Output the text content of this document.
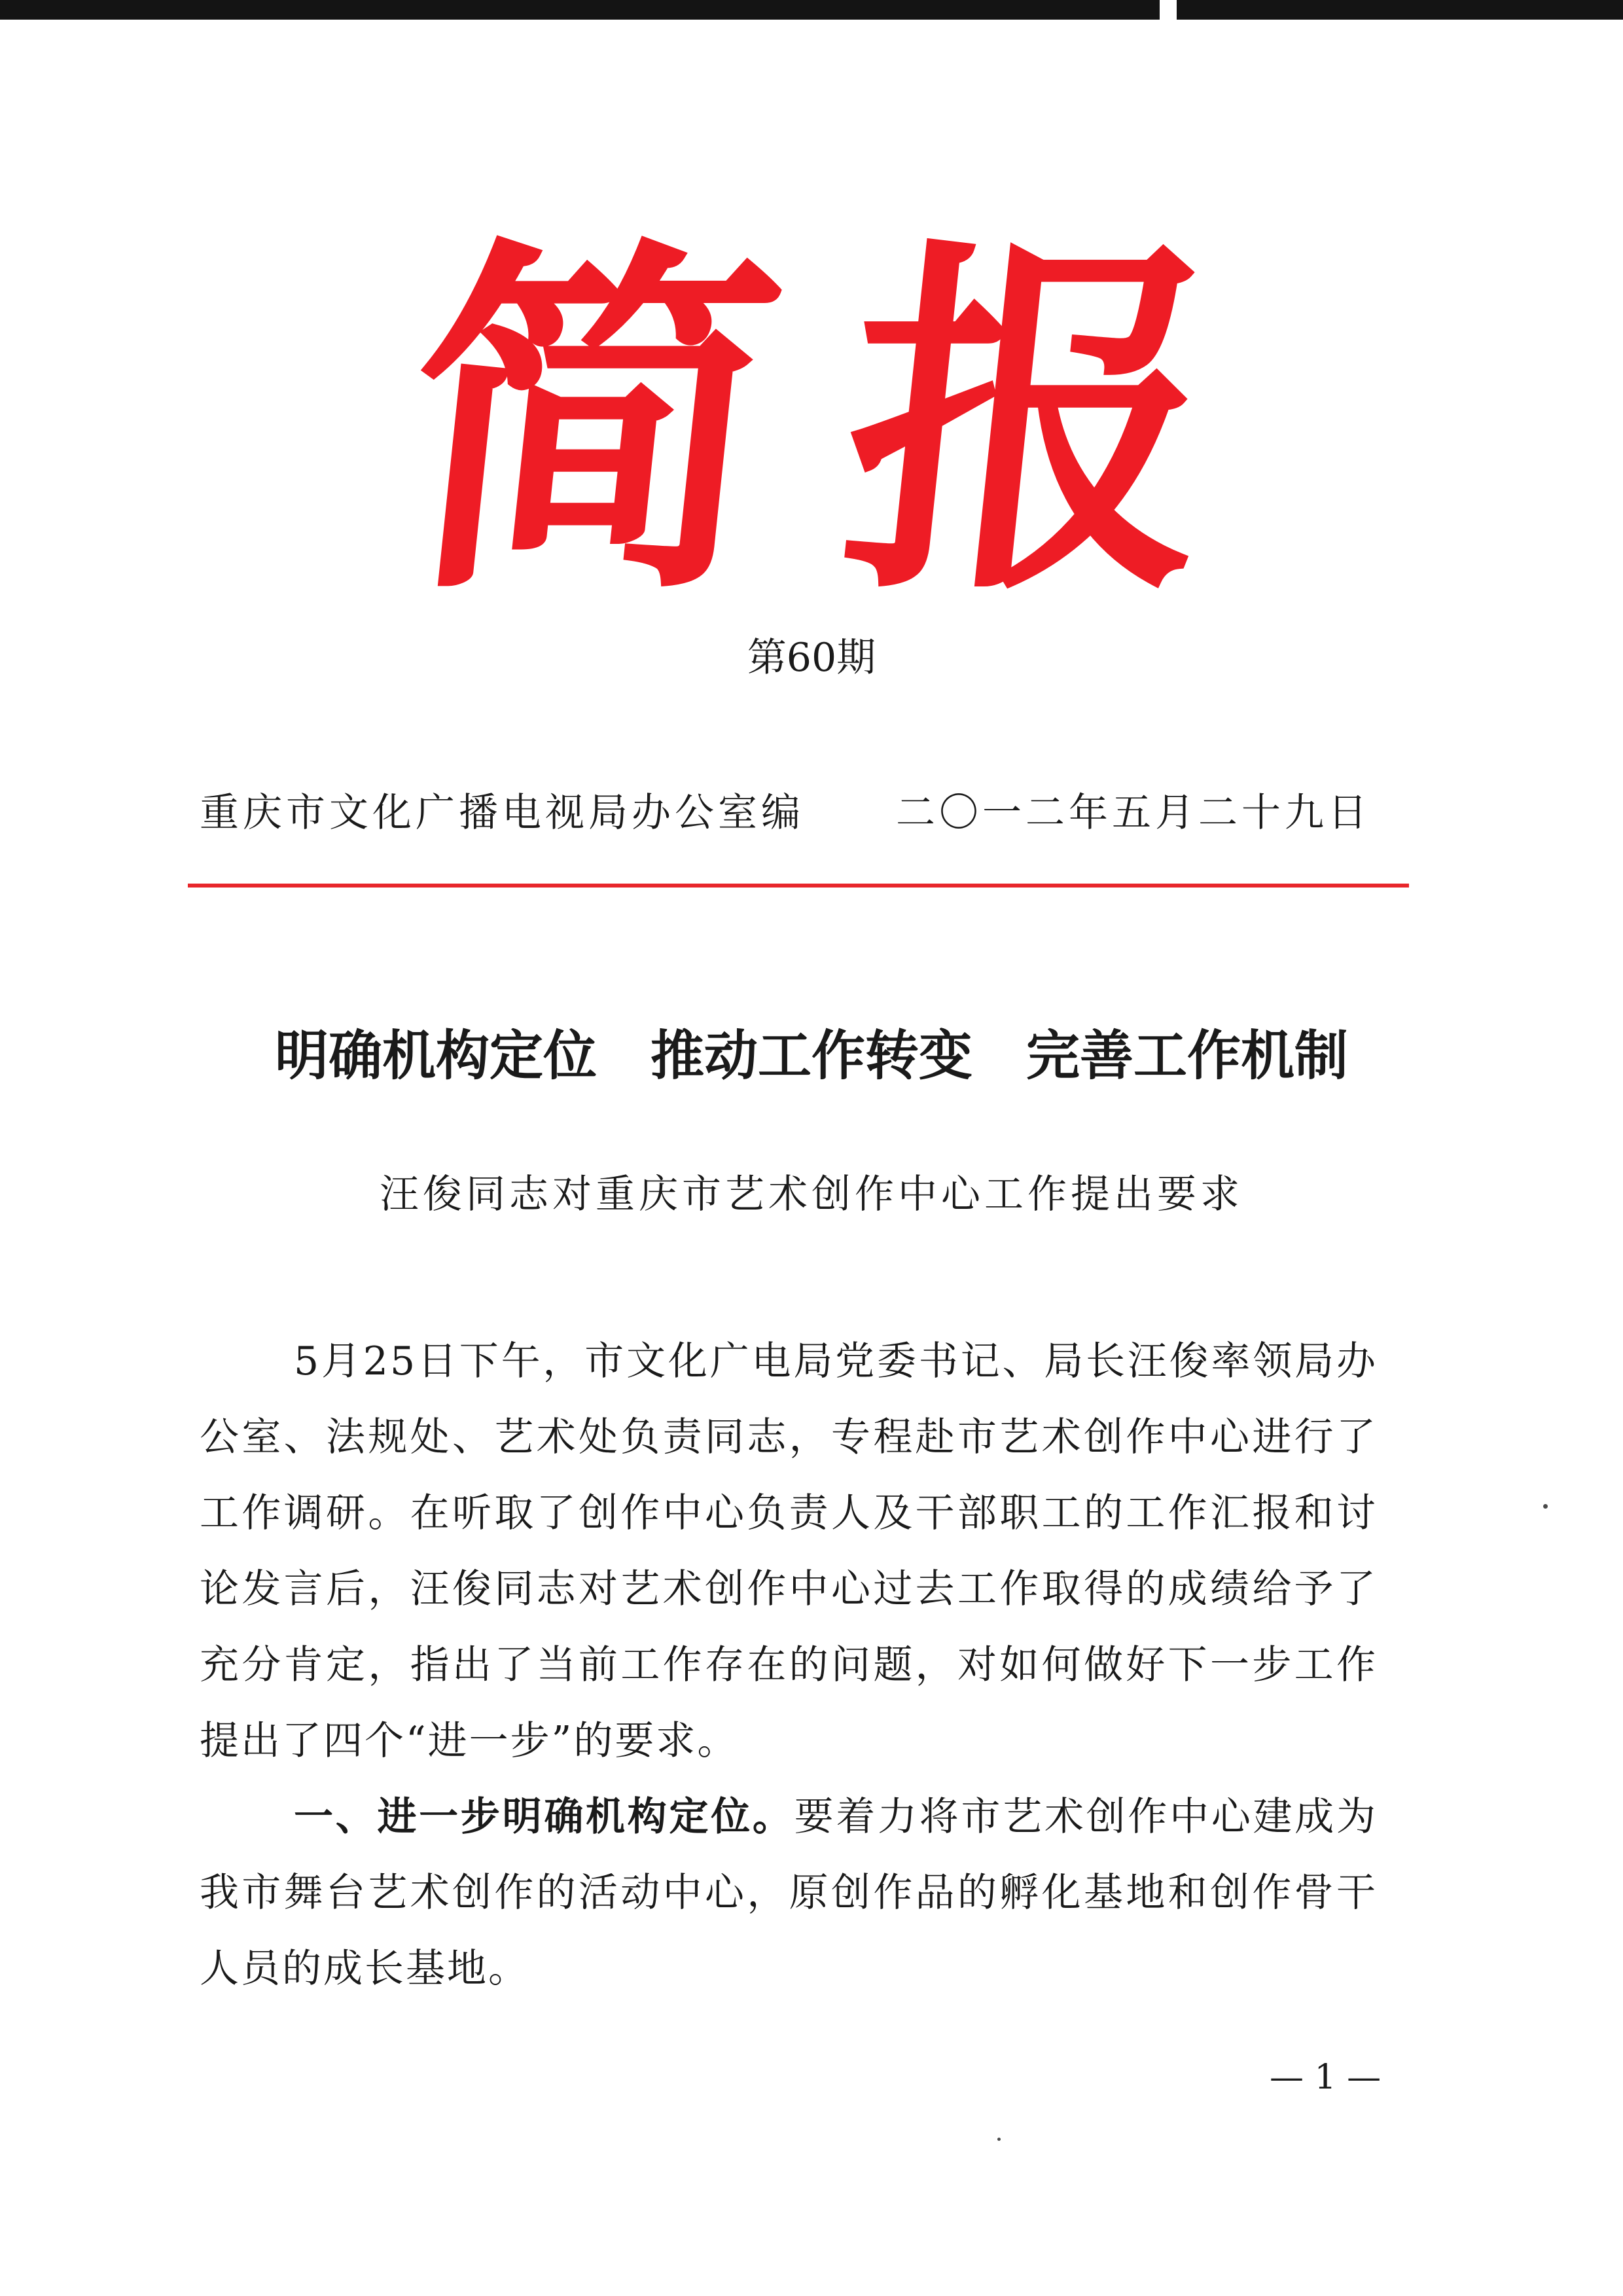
简报
第60期
重庆市文化广播电视局办公室编 二〇一二年五月二十九日
明确机构定位　推动工作转变　完善工作机制
汪俊同志对重庆市艺术创作中心工作提出要求

5月25日下午，市文化广电局党委书记、局长汪俊率领局办公室、法规处、艺术处负责同志，专程赴市艺术创作中心进行了工作调研。在听取了创作中心负责人及干部职工的工作汇报和讨论发言后，汪俊同志对艺术创作中心过去工作取得的成绩给予了充分肯定，指出了当前工作存在的问题，对如何做好下一步工作提出了四个“进一步”的要求。

一、进一步明确机构定位。要着力将市艺术创作中心建成为我市舞台艺术创作的活动中心，原创作品的孵化基地和创作骨干人员的成长基地。

— 1 —
